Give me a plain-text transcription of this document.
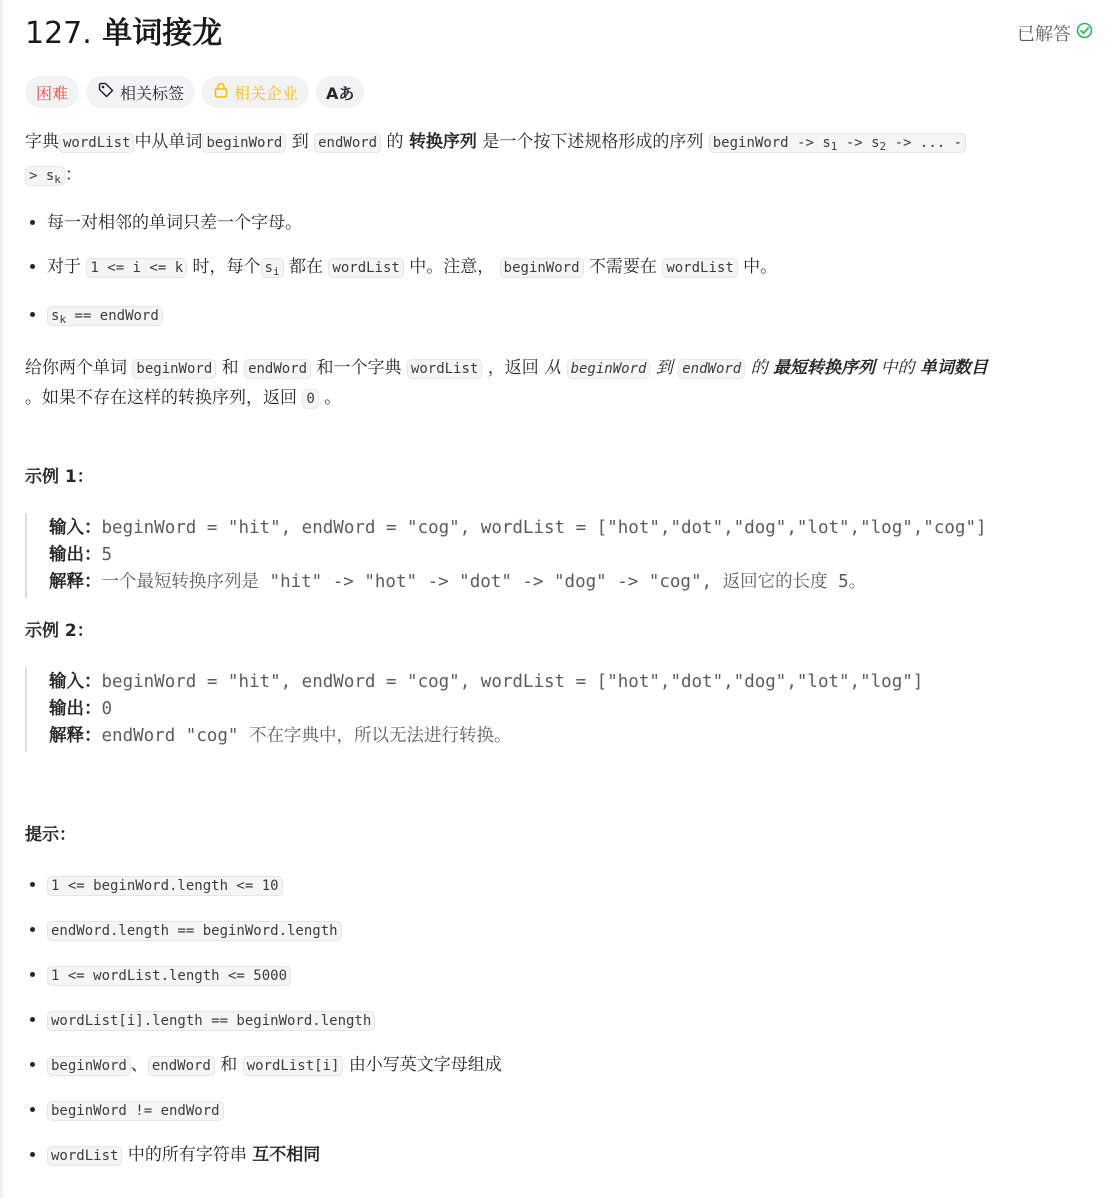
127. 单词接龙	已解答
困难	相关标签	相关企业 Aあ

字典 wordList 中从单词 beginWord 到 endWord 的 转换序列 是一个按下述规格形成的序列 beginWord -> $s_1 -> s_2$ -> ... -
> $s_k$ ：

• 每一对相邻的单词只差一个字母。
• 对于 1 <= i <= k 时，每个 $s_i$ 都在 wordList 中。注意， beginWord 不需要在 wordList 中。
• $s_k$ == endWord

给你两个单词 beginWord 和 endWord 和一个字典 wordList ，返回 从 beginWord 到 endWord 的 最短转换序列 中的 单词数目
。如果不存在这样的转换序列，返回 0 。

示例 1：
输入：beginWord = "hit", endWord = "cog", wordList = ["hot","dot","dog","lot","log","cog"]
输出：5
解释：一个最短转换序列是 "hit" -> "hot" -> "dot" -> "dog" -> "cog", 返回它的长度 5。
示例 2：
输入：beginWord = "hit", endWord = "cog", wordList = ["hot","dot","dog","lot","log"]
输出：0
解释：endWord "cog" 不在字典中，所以无法进行转换。
提示：
• 1 <= beginWord.length <= 10
• endWord.length == beginWord.length
• 1 <= wordList.length <= 5000
• wordList[i].length == beginWord.length
• beginWord 、 endWord 和 wordList[i] 由小写英文字母组成
• beginWord != endWord
• wordList 中的所有字符串 互不相同
